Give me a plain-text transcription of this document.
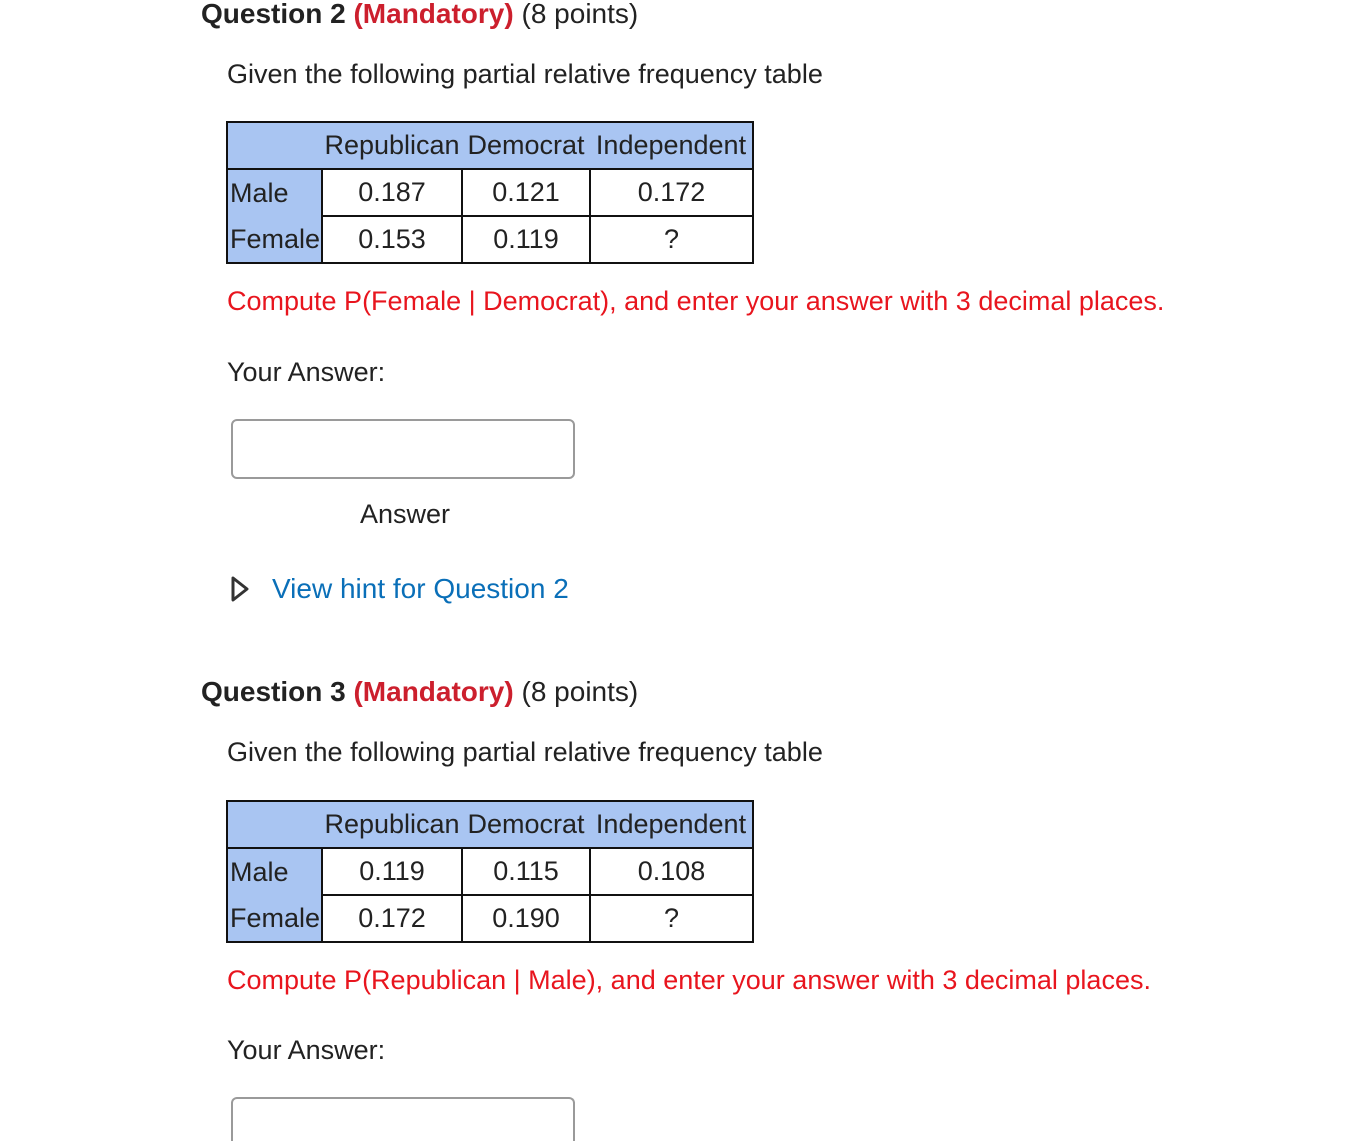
Question 2 (Mandatory) (8 points)
Given the following partial relative frequency table
	Republican	Democrat	Independent
Male	0.187	0.121	0.172
Female	0.153	0.119	?
Compute P(Female | Democrat), and enter your answer with 3 decimal places.
Your Answer:
Answer
View hint for Question 2
Question 3 (Mandatory) (8 points)
Given the following partial relative frequency table
	Republican	Democrat	Independent
Male	0.119	0.115	0.108
Female	0.172	0.190	?
Compute P(Republican | Male), and enter your answer with 3 decimal places.
Your Answer:
